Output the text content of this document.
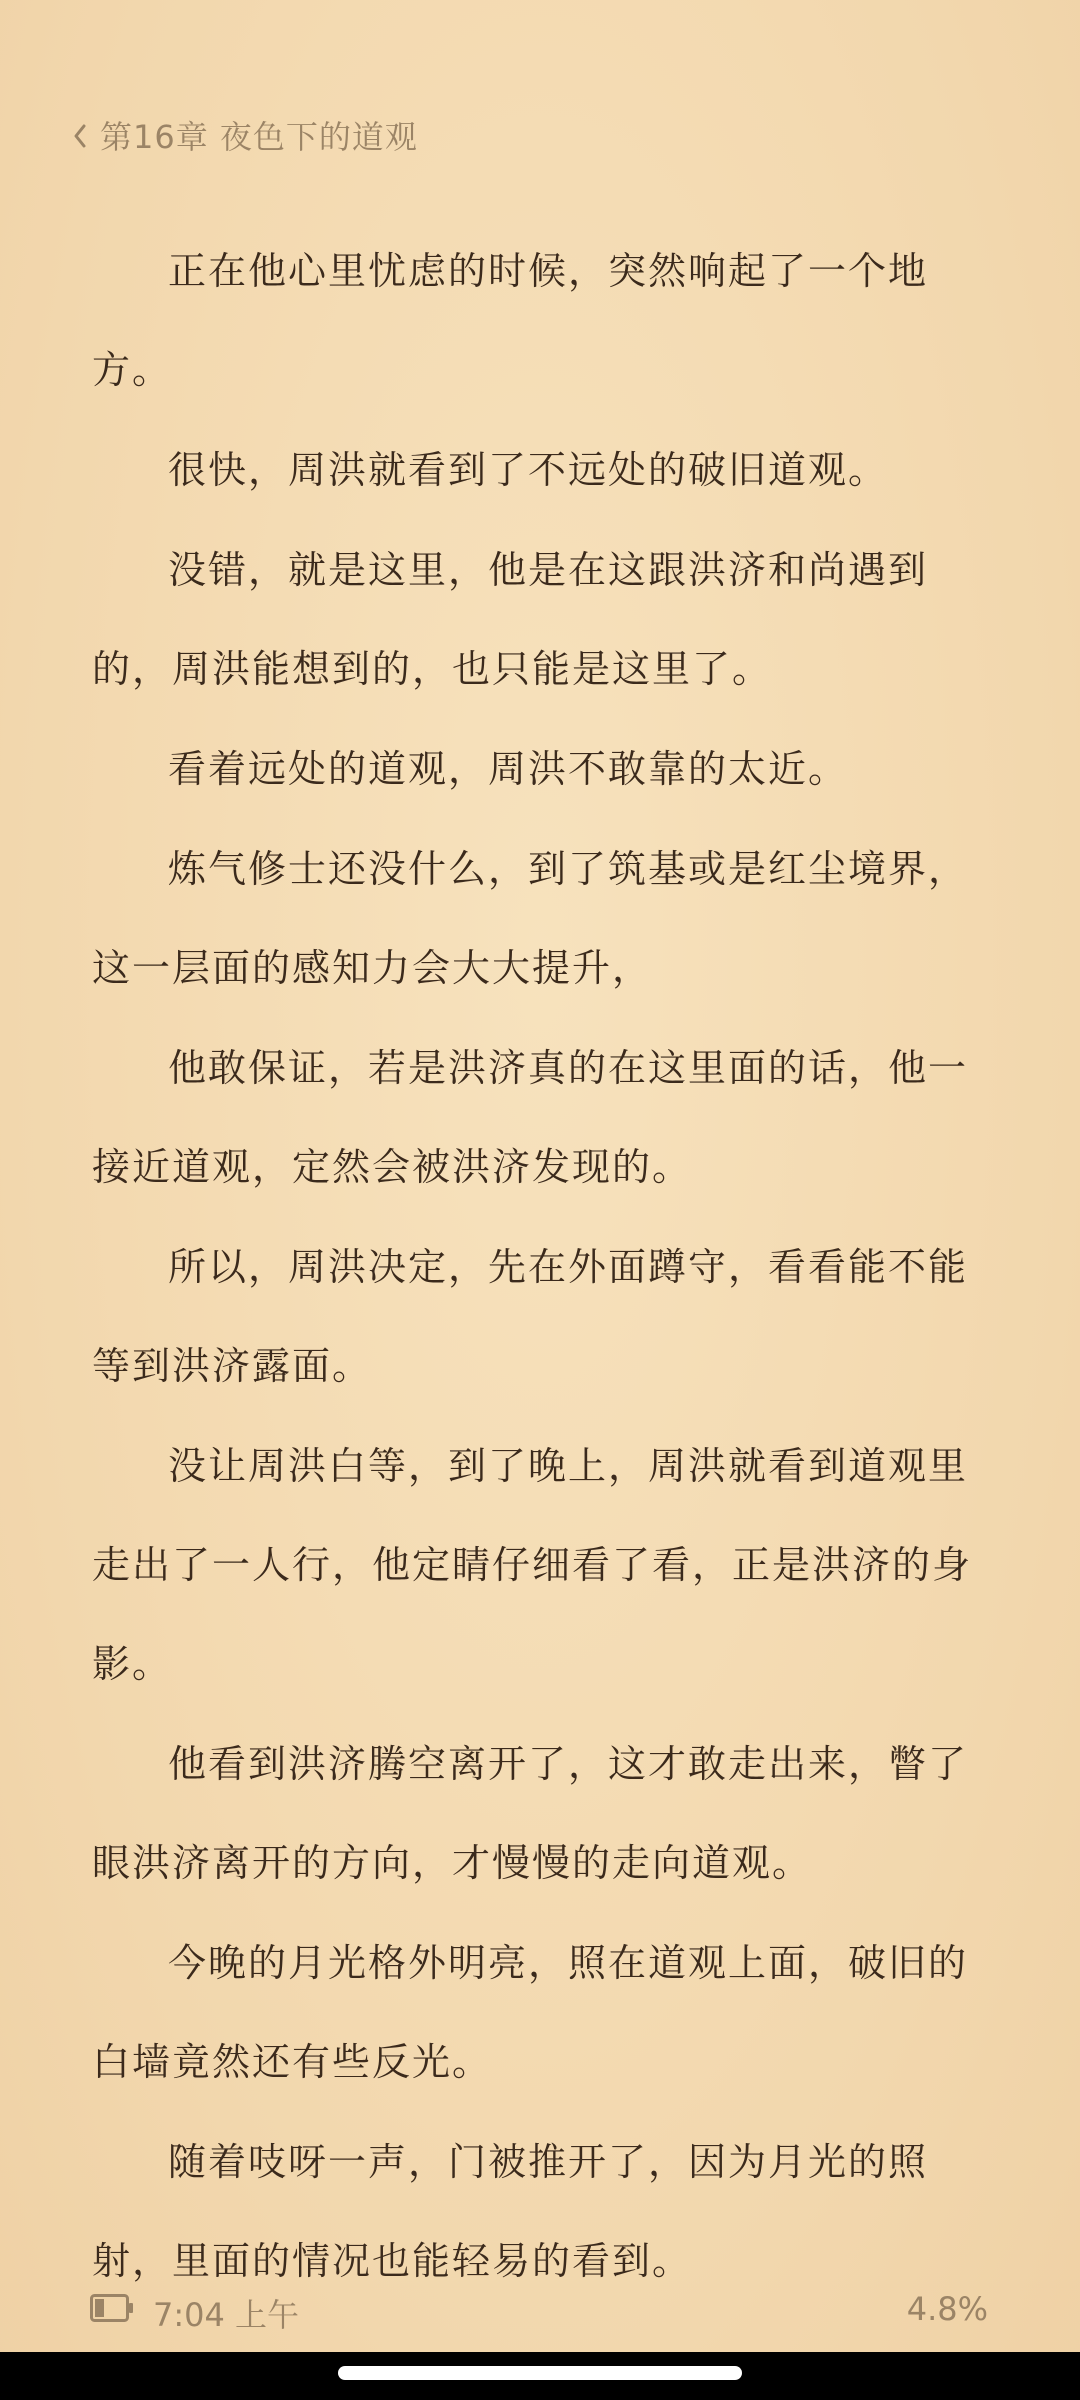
第16章 夜色下的道观

正在他心里忧虑的时候，突然响起了一个地方。

很快，周洪就看到了不远处的破旧道观。

没错，就是这里，他是在这跟洪济和尚遇到的，周洪能想到的，也只能是这里了。

看着远处的道观，周洪不敢靠的太近。

炼气修士还没什么，到了筑基或是红尘境界，这一层面的感知力会大大提升，

他敢保证，若是洪济真的在这里面的话，他一接近道观，定然会被洪济发现的。

所以，周洪决定，先在外面蹲守，看看能不能等到洪济露面。

没让周洪白等，到了晚上，周洪就看到道观里走出了一人行，他定睛仔细看了看，正是洪济的身影。

他看到洪济腾空离开了，这才敢走出来，瞥了眼洪济离开的方向，才慢慢的走向道观。

今晚的月光格外明亮，照在道观上面，破旧的白墙竟然还有些反光。

随着吱呀一声，门被推开了，因为月光的照射，里面的情况也能轻易的看到。

7:04 上午	4.8%
